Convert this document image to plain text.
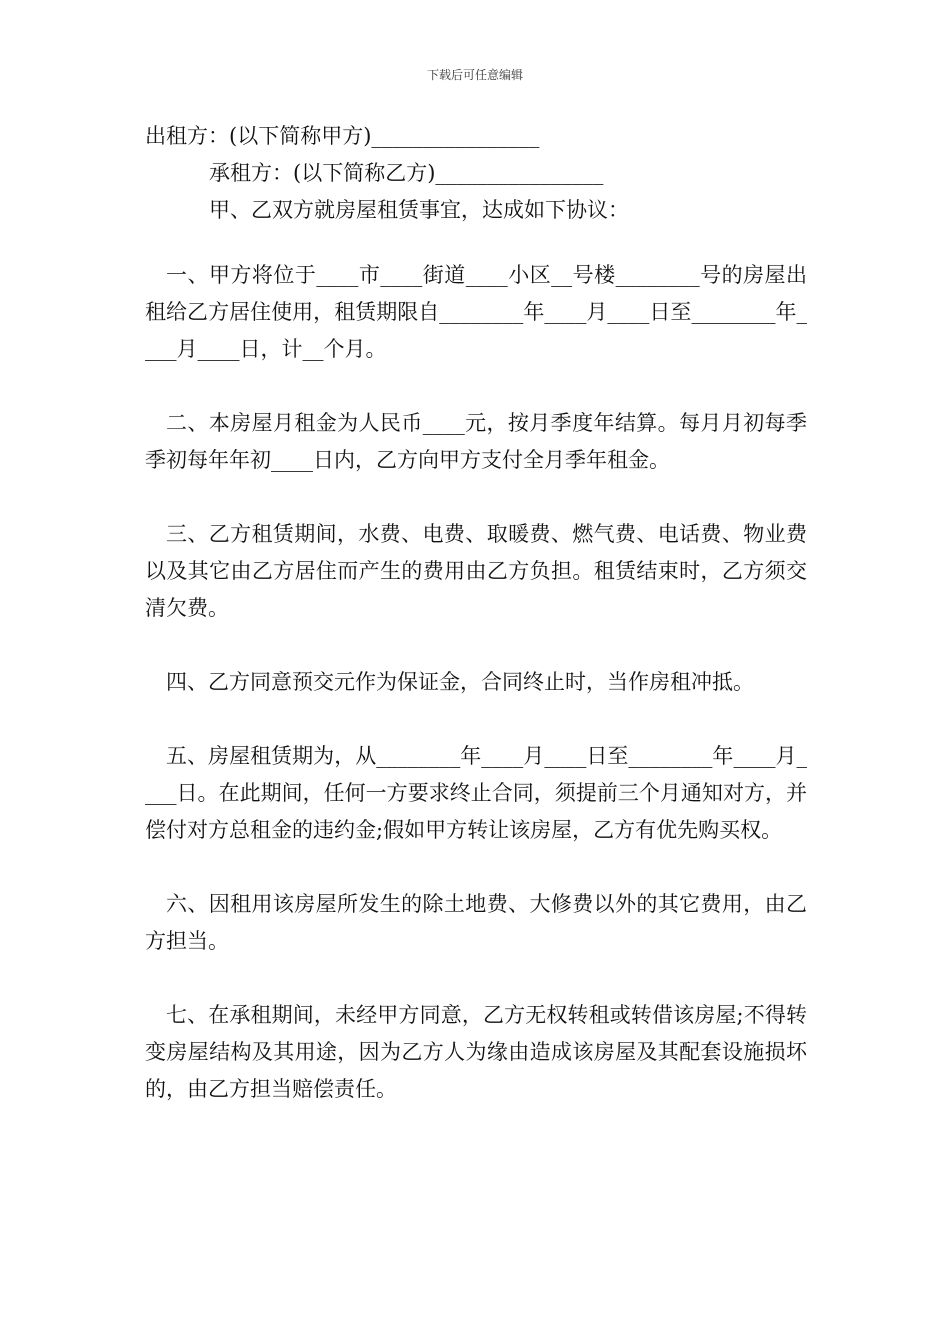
下载后可任意编辑
出租方：(以下简称甲方)________________
承租方：(以下简称乙方)________________
甲、乙双方就房屋租赁事宜，达成如下协议：

一、甲方将位于____市____街道____小区__号楼________号的房屋出租给乙方居住使用，租赁期限自________年____月____日至________年____月____日，计__个月。

二、本房屋月租金为人民币____元，按月季度年结算。每月月初每季季初每年年初____日内，乙方向甲方支付全月季年租金。

三、乙方租赁期间，水费、电费、取暖费、燃气费、电话费、物业费以及其它由乙方居住而产生的费用由乙方负担。租赁结束时，乙方须交清欠费。

四、乙方同意预交元作为保证金，合同终止时，当作房租冲抵。

五、房屋租赁期为，从________年____月____日至________年____月____日。在此期间，任何一方要求终止合同，须提前三个月通知对方，并偿付对方总租金的违约金;假如甲方转让该房屋，乙方有优先购买权。

六、因租用该房屋所发生的除土地费、大修费以外的其它费用，由乙方担当。

七、在承租期间，未经甲方同意，乙方无权转租或转借该房屋;不得转变房屋结构及其用途，因为乙方人为缘由造成该房屋及其配套设施损坏的，由乙方担当赔偿责任。
